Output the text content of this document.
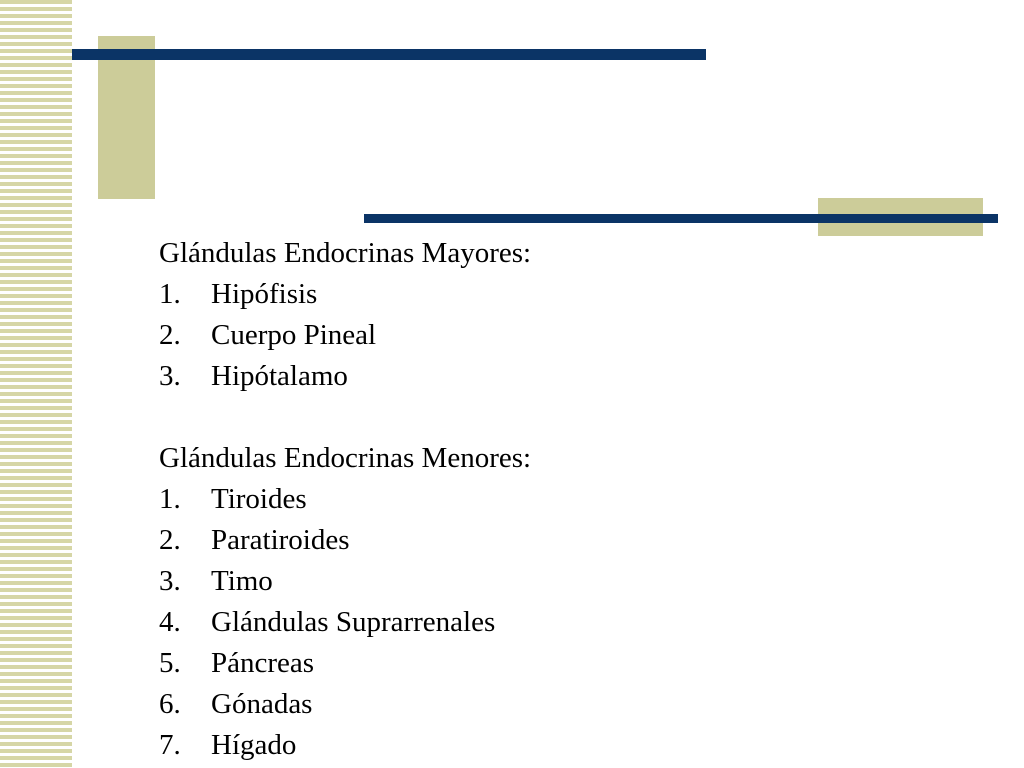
Glándulas Endocrinas Mayores:
1.	Hipófisis
2.	Cuerpo Pineal
3.	Hipótalamo
Glándulas Endocrinas Menores:
1.	Tiroides
2.	Paratiroides
3.	Timo
4.	Glándulas Suprarrenales
5.	Páncreas
6.	Gónadas
7.	Hígado
